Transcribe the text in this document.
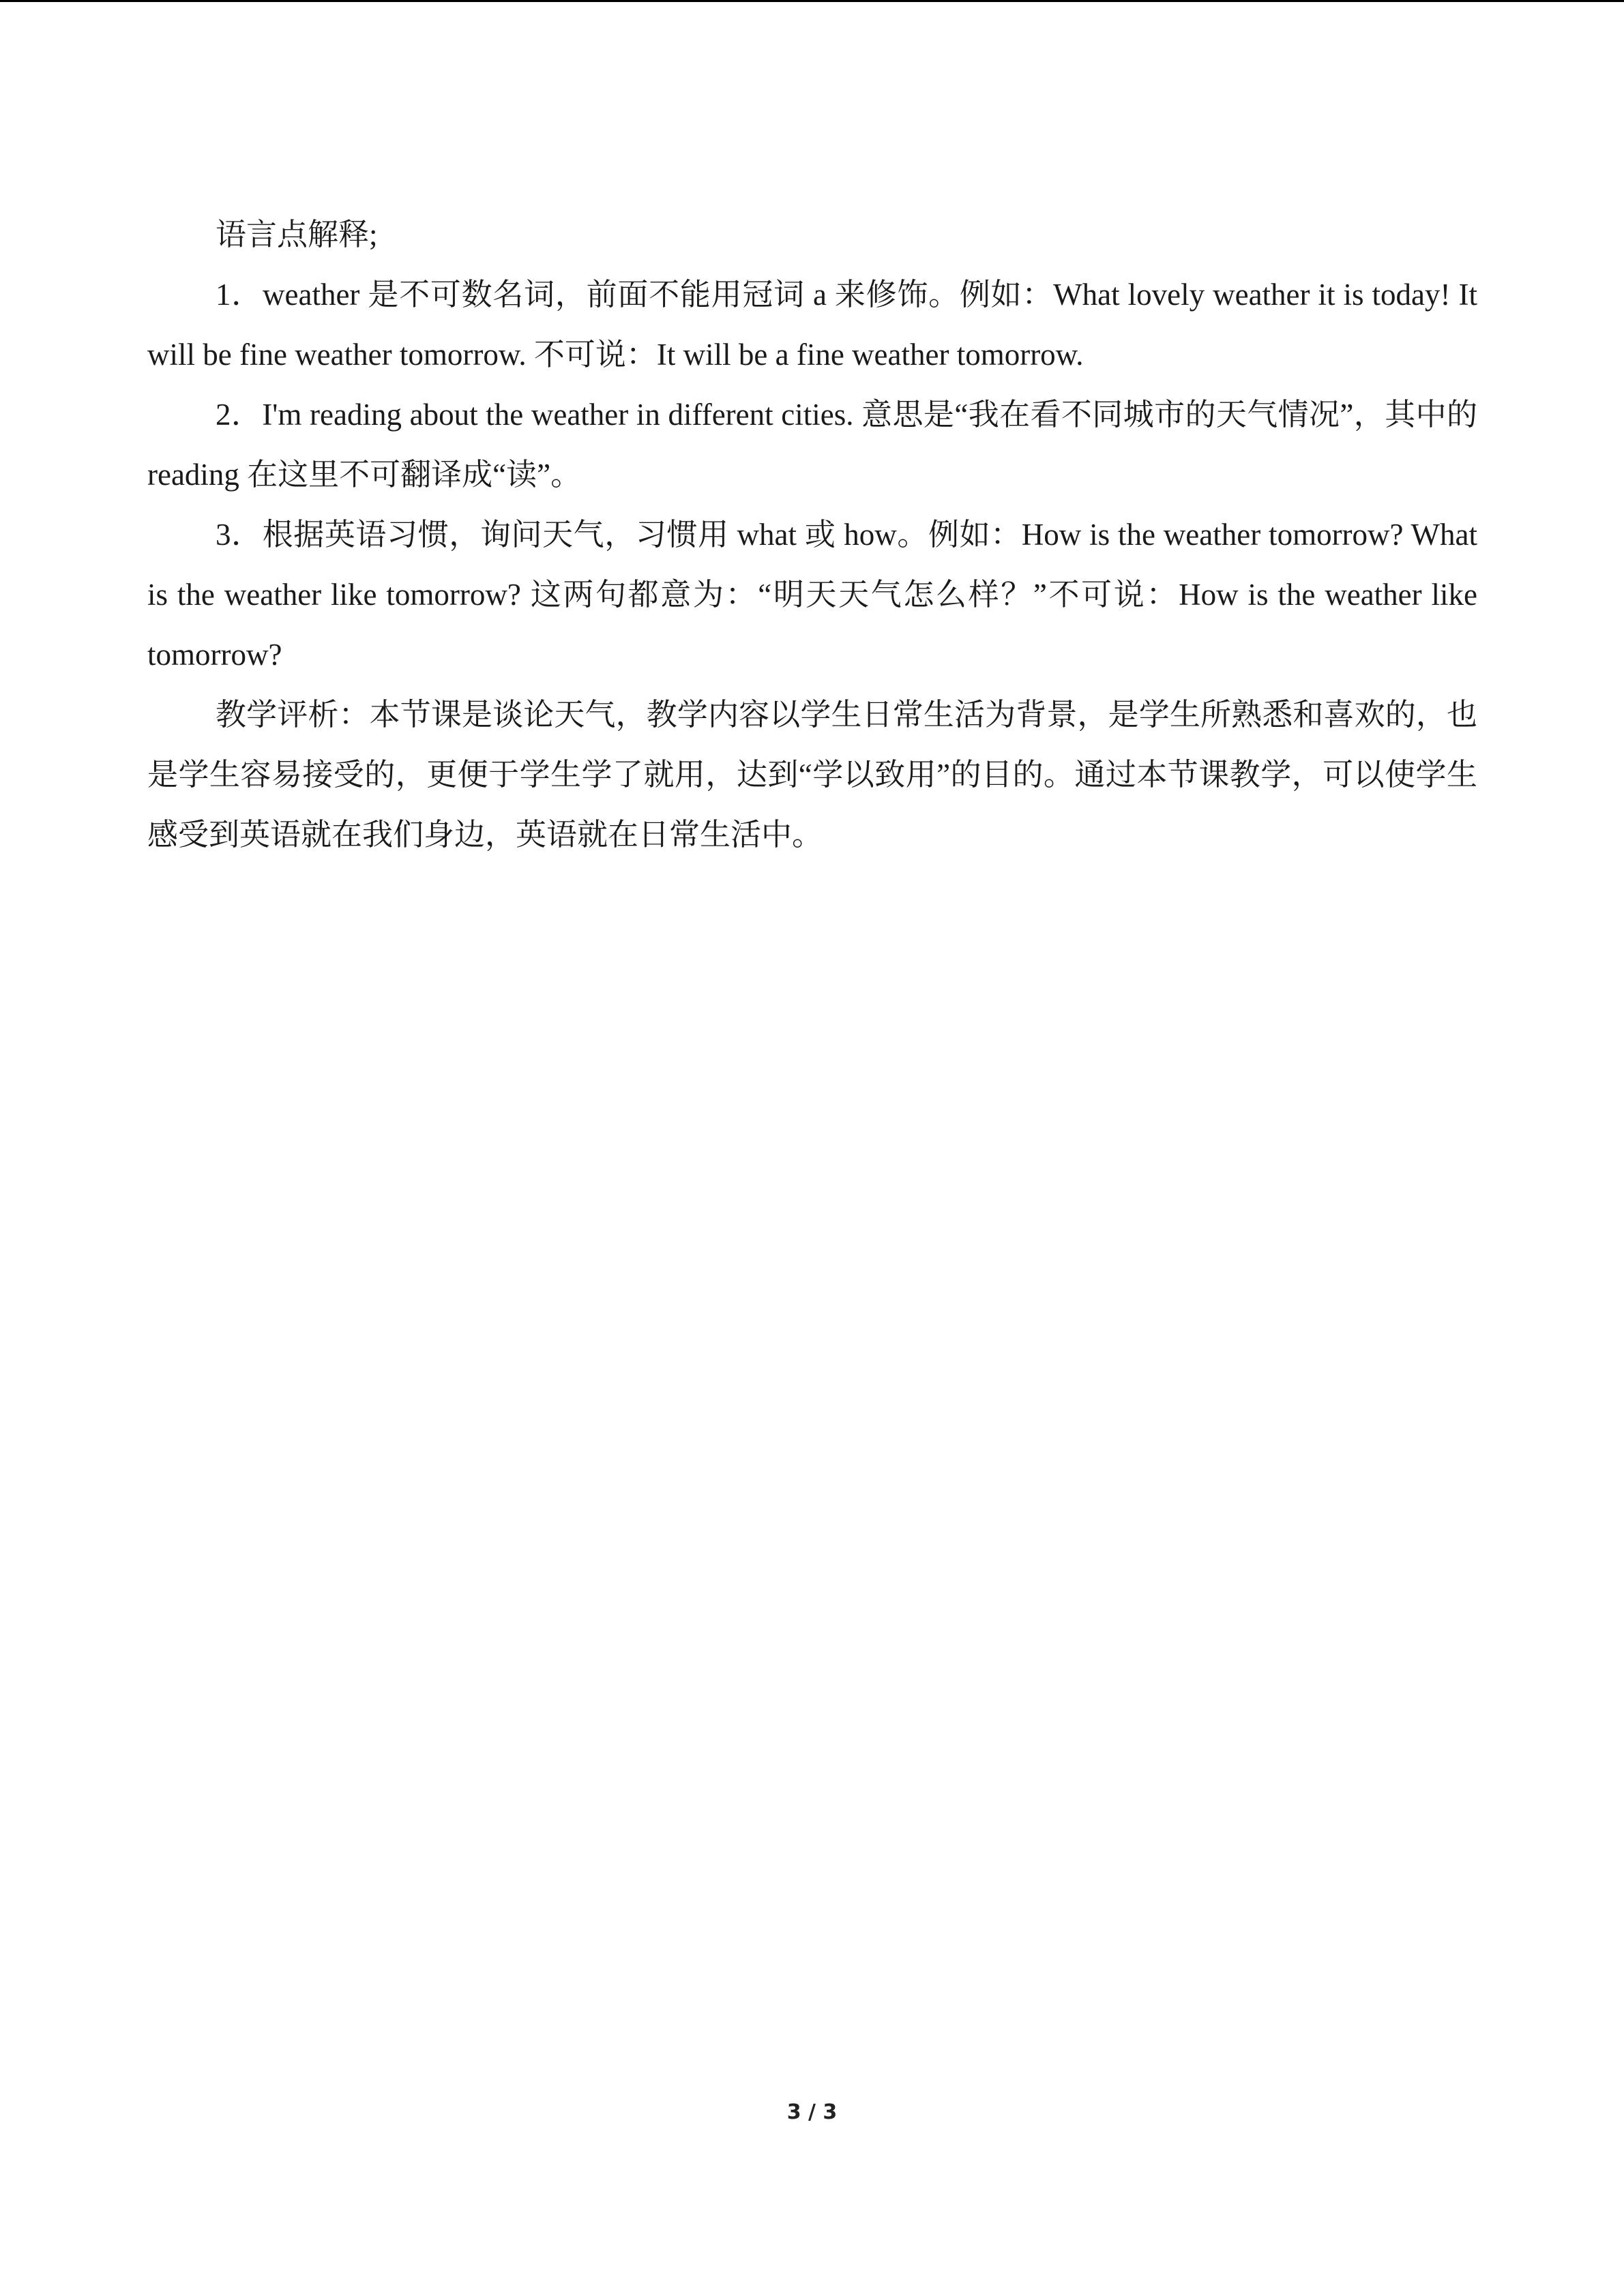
语言点解释;

1．weather 是不可数名词，前面不能用冠词 a 来修饰。例如：What lovely weather it is today! It will be fine weather tomorrow. 不可说：It will be a fine weather tomorrow.

2．I'm reading about the weather in different cities. 意思是“我在看不同城市的天气情况”，其中的 reading 在这里不可翻译成“读”。

3．根据英语习惯，询问天气，习惯用 what 或 how。例如：How is the weather tomorrow? What is the weather like tomorrow? 这两句都意为：“明天天气怎么样？”不可说：How is the weather like tomorrow?

教学评析：本节课是谈论天气，教学内容以学生日常生活为背景，是学生所熟悉和喜欢的，也是学生容易接受的，更便于学生学了就用，达到“学以致用”的目的。通过本节课教学，可以使学生感受到英语就在我们身边，英语就在日常生活中。

3 / 3
